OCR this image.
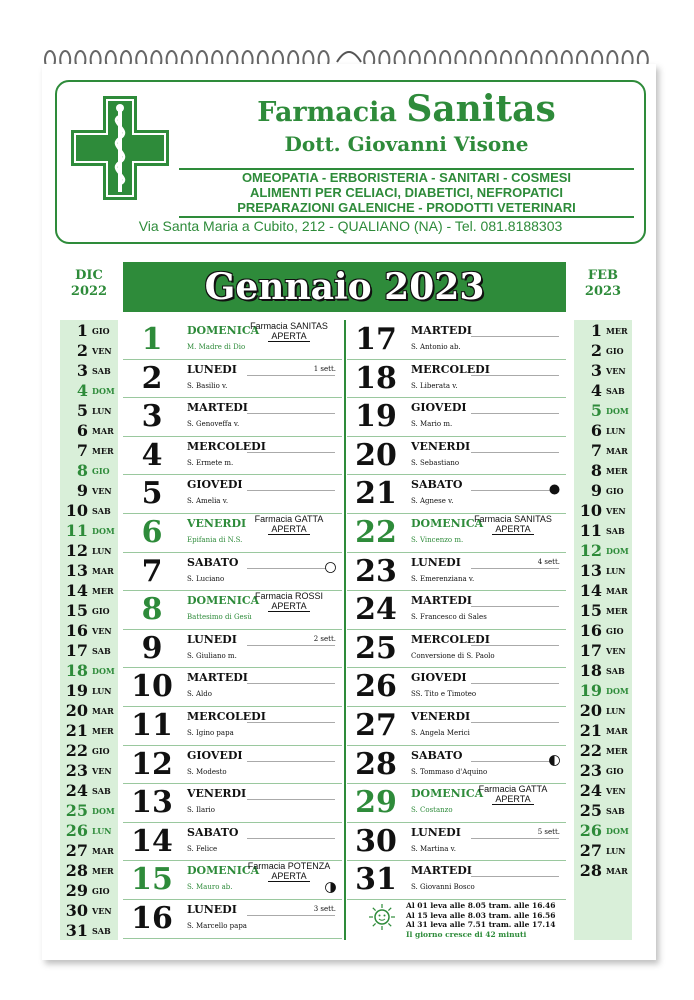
Farmacia Sanitas
Dott. Giovanni Visone
OMEOPATIA - ERBORISTERIA - SANITARI - COSMESI
ALIMENTI PER CELIACI, DIABETICI, NEFROPATICI
PREPARAZIONI GALENICHE - PRODOTTI VETERINARI
Via Santa Maria a Cubito, 212 - QUALIANO (NA) - Tel. 081.8188303
DIC
2022	Gennaio 2023	FEB
2023
1 GIO
2 VEN
3 SAB
4 DOM
5 LUN
6 MAR
7 MER
8 GIO
9 VEN
10 SAB
11 DOM
12 LUN
13 MAR
14 MER
15 GIO
16 VEN
17 SAB
18 DOM
19 LUN
20 MAR
21 MER
22 GIO
23 VEN
24 SAB
25 DOM
26 LUN
27 MAR
28 MER
29 GIO
30 VEN
31 SAB
1 MER
2 GIO
3 VEN
4 SAB
5 DOM
6 LUN
7 MAR
8 MER
9 GIO
10 VEN
11 SAB
12 DOM
13 LUN
14 MAR
15 MER
16 GIO
17 VEN
18 SAB
19 DOM
20 LUN
21 MAR
22 MER
23 GIO
24 VEN
25 SAB
26 DOM
27 LUN
28 MAR
Al 01 leva alle 8.05 tram. alle 16.46
Al 15 leva alle 8.03 tram. alle 16.56
Al 31 leva alle 7.51 tram. alle 17.14
Il giorno cresce di 42 minuti
1	DOMENICA
M. Madre di Dio
Farmacia SANITAS
APERTA
2	LUNEDI
S. Basilio v.
1 sett.
3	MARTEDI
S. Genoveffa v.
4	MERCOLEDI
S. Ermete m.
5	GIOVEDI
S. Amelia v.
6	VENERDI
Epifania di N.S.
Farmacia GATTA
APERTA
7	SABATO
S. Luciano
8	DOMENICA
Battesimo di Gesù
Farmacia ROSSI
APERTA
9	LUNEDI
S. Giuliano m.
2 sett.
10	MARTEDI
S. Aldo
11	MERCOLEDI
S. Igino papa
12	GIOVEDI
S. Modesto
13	VENERDI
S. Ilario
14	SABATO
S. Felice
15	DOMENICA
S. Mauro ab.
Farmacia POTENZA
APERTA
16	LUNEDI
S. Marcello papa
3 sett.
17	MARTEDI
S. Antonio ab.
18	MERCOLEDI
S. Liberata v.
19	GIOVEDI
S. Mario m.
20	VENERDI
S. Sebastiano
21	SABATO
S. Agnese v.
22	DOMENICA
S. Vincenzo m.
Farmacia SANITAS
APERTA
23	LUNEDI
S. Emerenziana v.
4 sett.
24	MARTEDI
S. Francesco di Sales
25	MERCOLEDI
Conversione di S. Paolo
26	GIOVEDI
SS. Tito e Timoteo
27	VENERDI
S. Angela Merici
28	SABATO
S. Tommaso d'Aquino
29	DOMENICA
S. Costanzo
Farmacia GATTA
APERTA
30	LUNEDI
S. Martina v.
5 sett.
31	MARTEDI
S. Giovanni Bosco
